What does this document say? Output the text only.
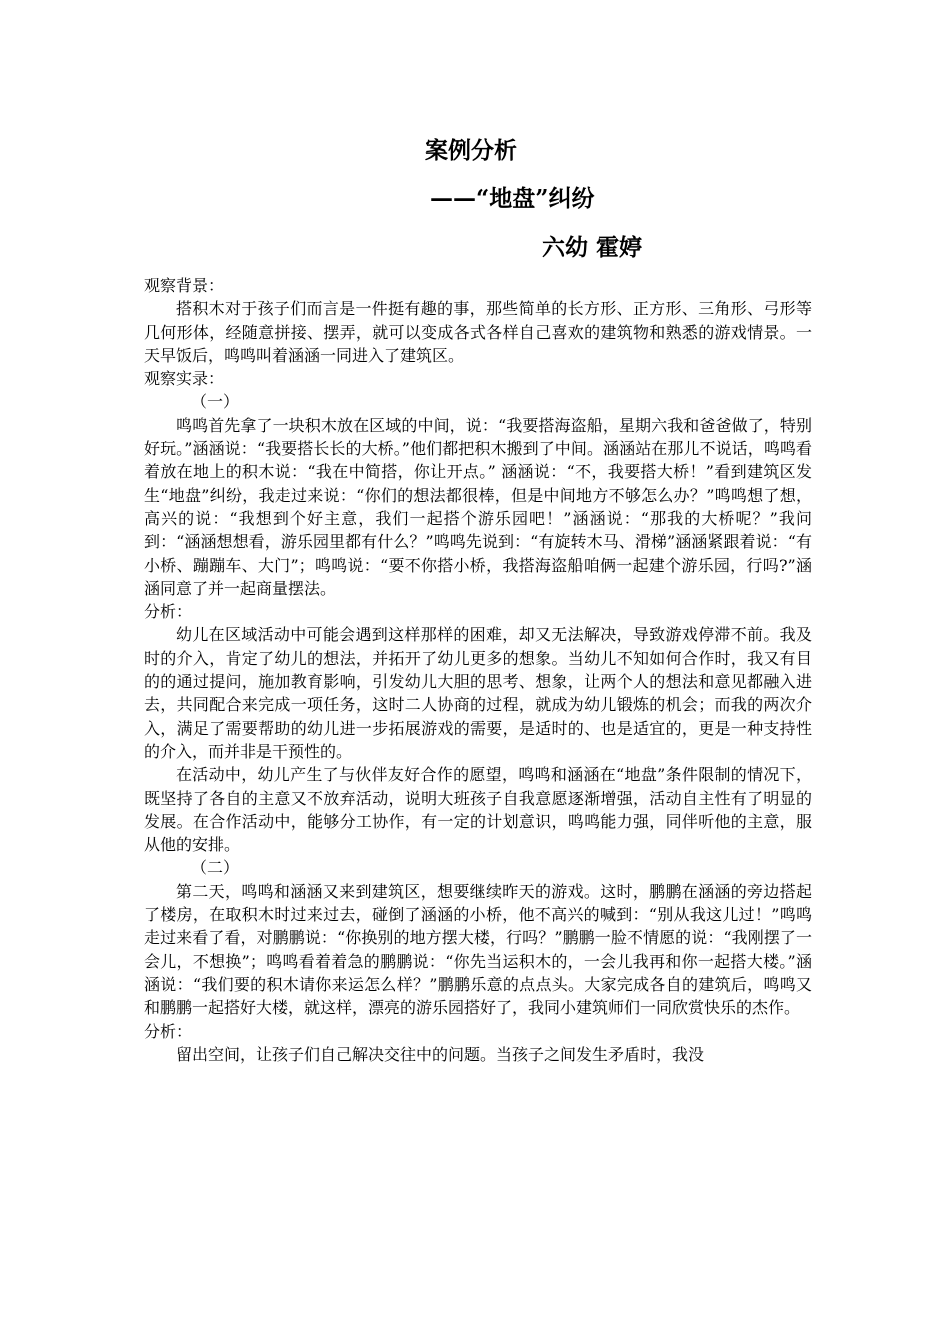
案例分析
——“地盘”纠纷
六幼 霍婷

观察背景：

搭积木对于孩子们而言是一件挺有趣的事，那些简单的长方形、正方形、三角形、弓形等几何形体，经随意拼接、摆弄，就可以变成各式各样自己喜欢的建筑物和熟悉的游戏情景。一天早饭后，鸣鸣叫着涵涵一同进入了建筑区。

观察实录：

（一）

鸣鸣首先拿了一块积木放在区域的中间，说：“我要搭海盗船，星期六我和爸爸做了，特别好玩。”涵涵说：“我要搭长长的大桥。”他们都把积木搬到了中间。涵涵站在那儿不说话，鸣鸣看着放在地上的积木说：“我在中简搭，你让开点。” 涵涵说：“不，我要搭大桥！”看到建筑区发生“地盘”纠纷，我走过来说：“你们的想法都很棒，但是中间地方不够怎么办？”鸣鸣想了想，高兴的说：“我想到个好主意，我们一起搭个游乐园吧！”涵涵说：“那我的大桥呢？”我问到：“涵涵想想看，游乐园里都有什么？”鸣鸣先说到：“有旋转木马、滑梯”涵涵紧跟着说：“有小桥、蹦蹦车、大门”；鸣鸣说：“要不你搭小桥，我搭海盗船咱俩一起建个游乐园，行吗?”涵涵同意了并一起商量摆法。

分析：

幼儿在区域活动中可能会遇到这样那样的困难，却又无法解决，导致游戏停滞不前。我及时的介入，肯定了幼儿的想法，并拓开了幼儿更多的想象。当幼儿不知如何合作时，我又有目的的通过提问，施加教育影响，引发幼儿大胆的思考、想象，让两个人的想法和意见都融入进去，共同配合来完成一项任务，这时二人协商的过程，就成为幼儿锻炼的机会；而我的两次介入，满足了需要帮助的幼儿进一步拓展游戏的需要，是适时的、也是适宜的，更是一种支持性的介入，而并非是干预性的。

在活动中，幼儿产生了与伙伴友好合作的愿望，鸣鸣和涵涵在“地盘”条件限制的情况下，既坚持了各自的主意又不放弃活动，说明大班孩子自我意愿逐渐增强，活动自主性有了明显的发展。在合作活动中，能够分工协作，有一定的计划意识，鸣鸣能力强，同伴听他的主意，服从他的安排。

（二）

第二天，鸣鸣和涵涵又来到建筑区，想要继续昨天的游戏。这时，鹏鹏在涵涵的旁边搭起了楼房，在取积木时过来过去，碰倒了涵涵的小桥，他不高兴的喊到：“别从我这儿过！”鸣鸣走过来看了看，对鹏鹏说：“你换别的地方摆大楼，行吗？”鹏鹏一脸不情愿的说：“我刚摆了一会儿，不想换”；鸣鸣看着着急的鹏鹏说：“你先当运积木的，一会儿我再和你一起搭大楼。”涵涵说：“我们要的积木请你来运怎么样？”鹏鹏乐意的点点头。大家完成各自的建筑后，鸣鸣又和鹏鹏一起搭好大楼，就这样，漂亮的游乐园搭好了，我同小建筑师们一同欣赏快乐的杰作。

分析：

留出空间，让孩子们自己解决交往中的问题。当孩子之间发生矛盾时，我没
